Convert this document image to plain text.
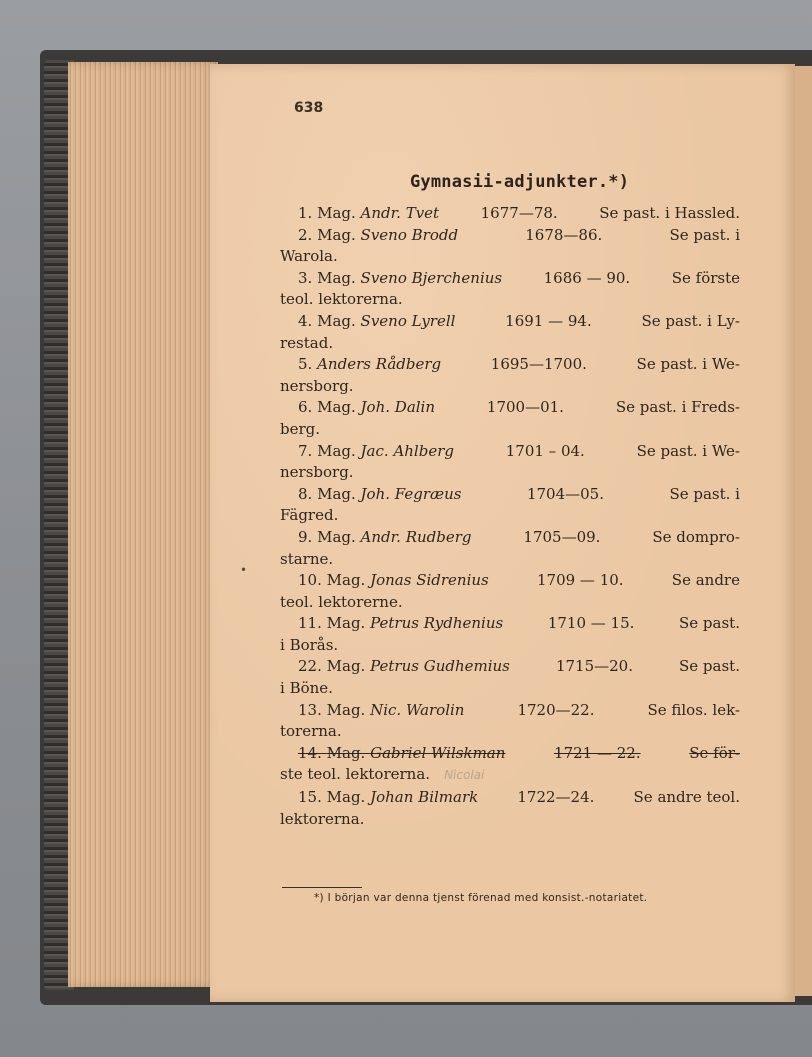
638
Gymnasii-adjunkter.*)
1. Mag. Andr. Tvet	1677—78.	Se past. i Hassled.
2. Mag. Sveno Brodd	1678—86.	Se past. i
Warola.
3. Mag. Sveno Bjerchenius	1686 — 90.	Se förste
teol. lektorerna.
4. Mag. Sveno Lyrell	1691 — 94.	Se past. i Ly-
restad.
5. Anders Rådberg	1695—1700.	Se past. i We-
nersborg.
6. Mag. Joh. Dalin	1700—01.	Se past. i Freds-
berg.
7. Mag. Jac. Ahlberg	1701 – 04.	Se past. i We-
nersborg.
8. Mag. Joh. Fegræus	1704—05.	Se past. i
Fägred.
9. Mag. Andr. Rudberg	1705—09.	Se dompro-
starne.
10. Mag. Jonas Sidrenius	1709 — 10.	Se andre
teol. lektorerne.
11. Mag. Petrus Rydhenius	1710 — 15.	Se past.
i Borås.
22. Mag. Petrus Gudhemius	1715—20.	Se past.
i Böne.
13. Mag. Nic. Warolin	1720—22.	Se filos. lek-
torerna.
14. Mag. Gabriel Wilskman	1721 — 22.	Se för-
ste teol. lektorerna. Nicolai
15. Mag. Johan Bilmark	1722—24.	Se andre teol.
lektorerna.
•
*) I början var denna tjenst förenad med konsist.-notariatet.
